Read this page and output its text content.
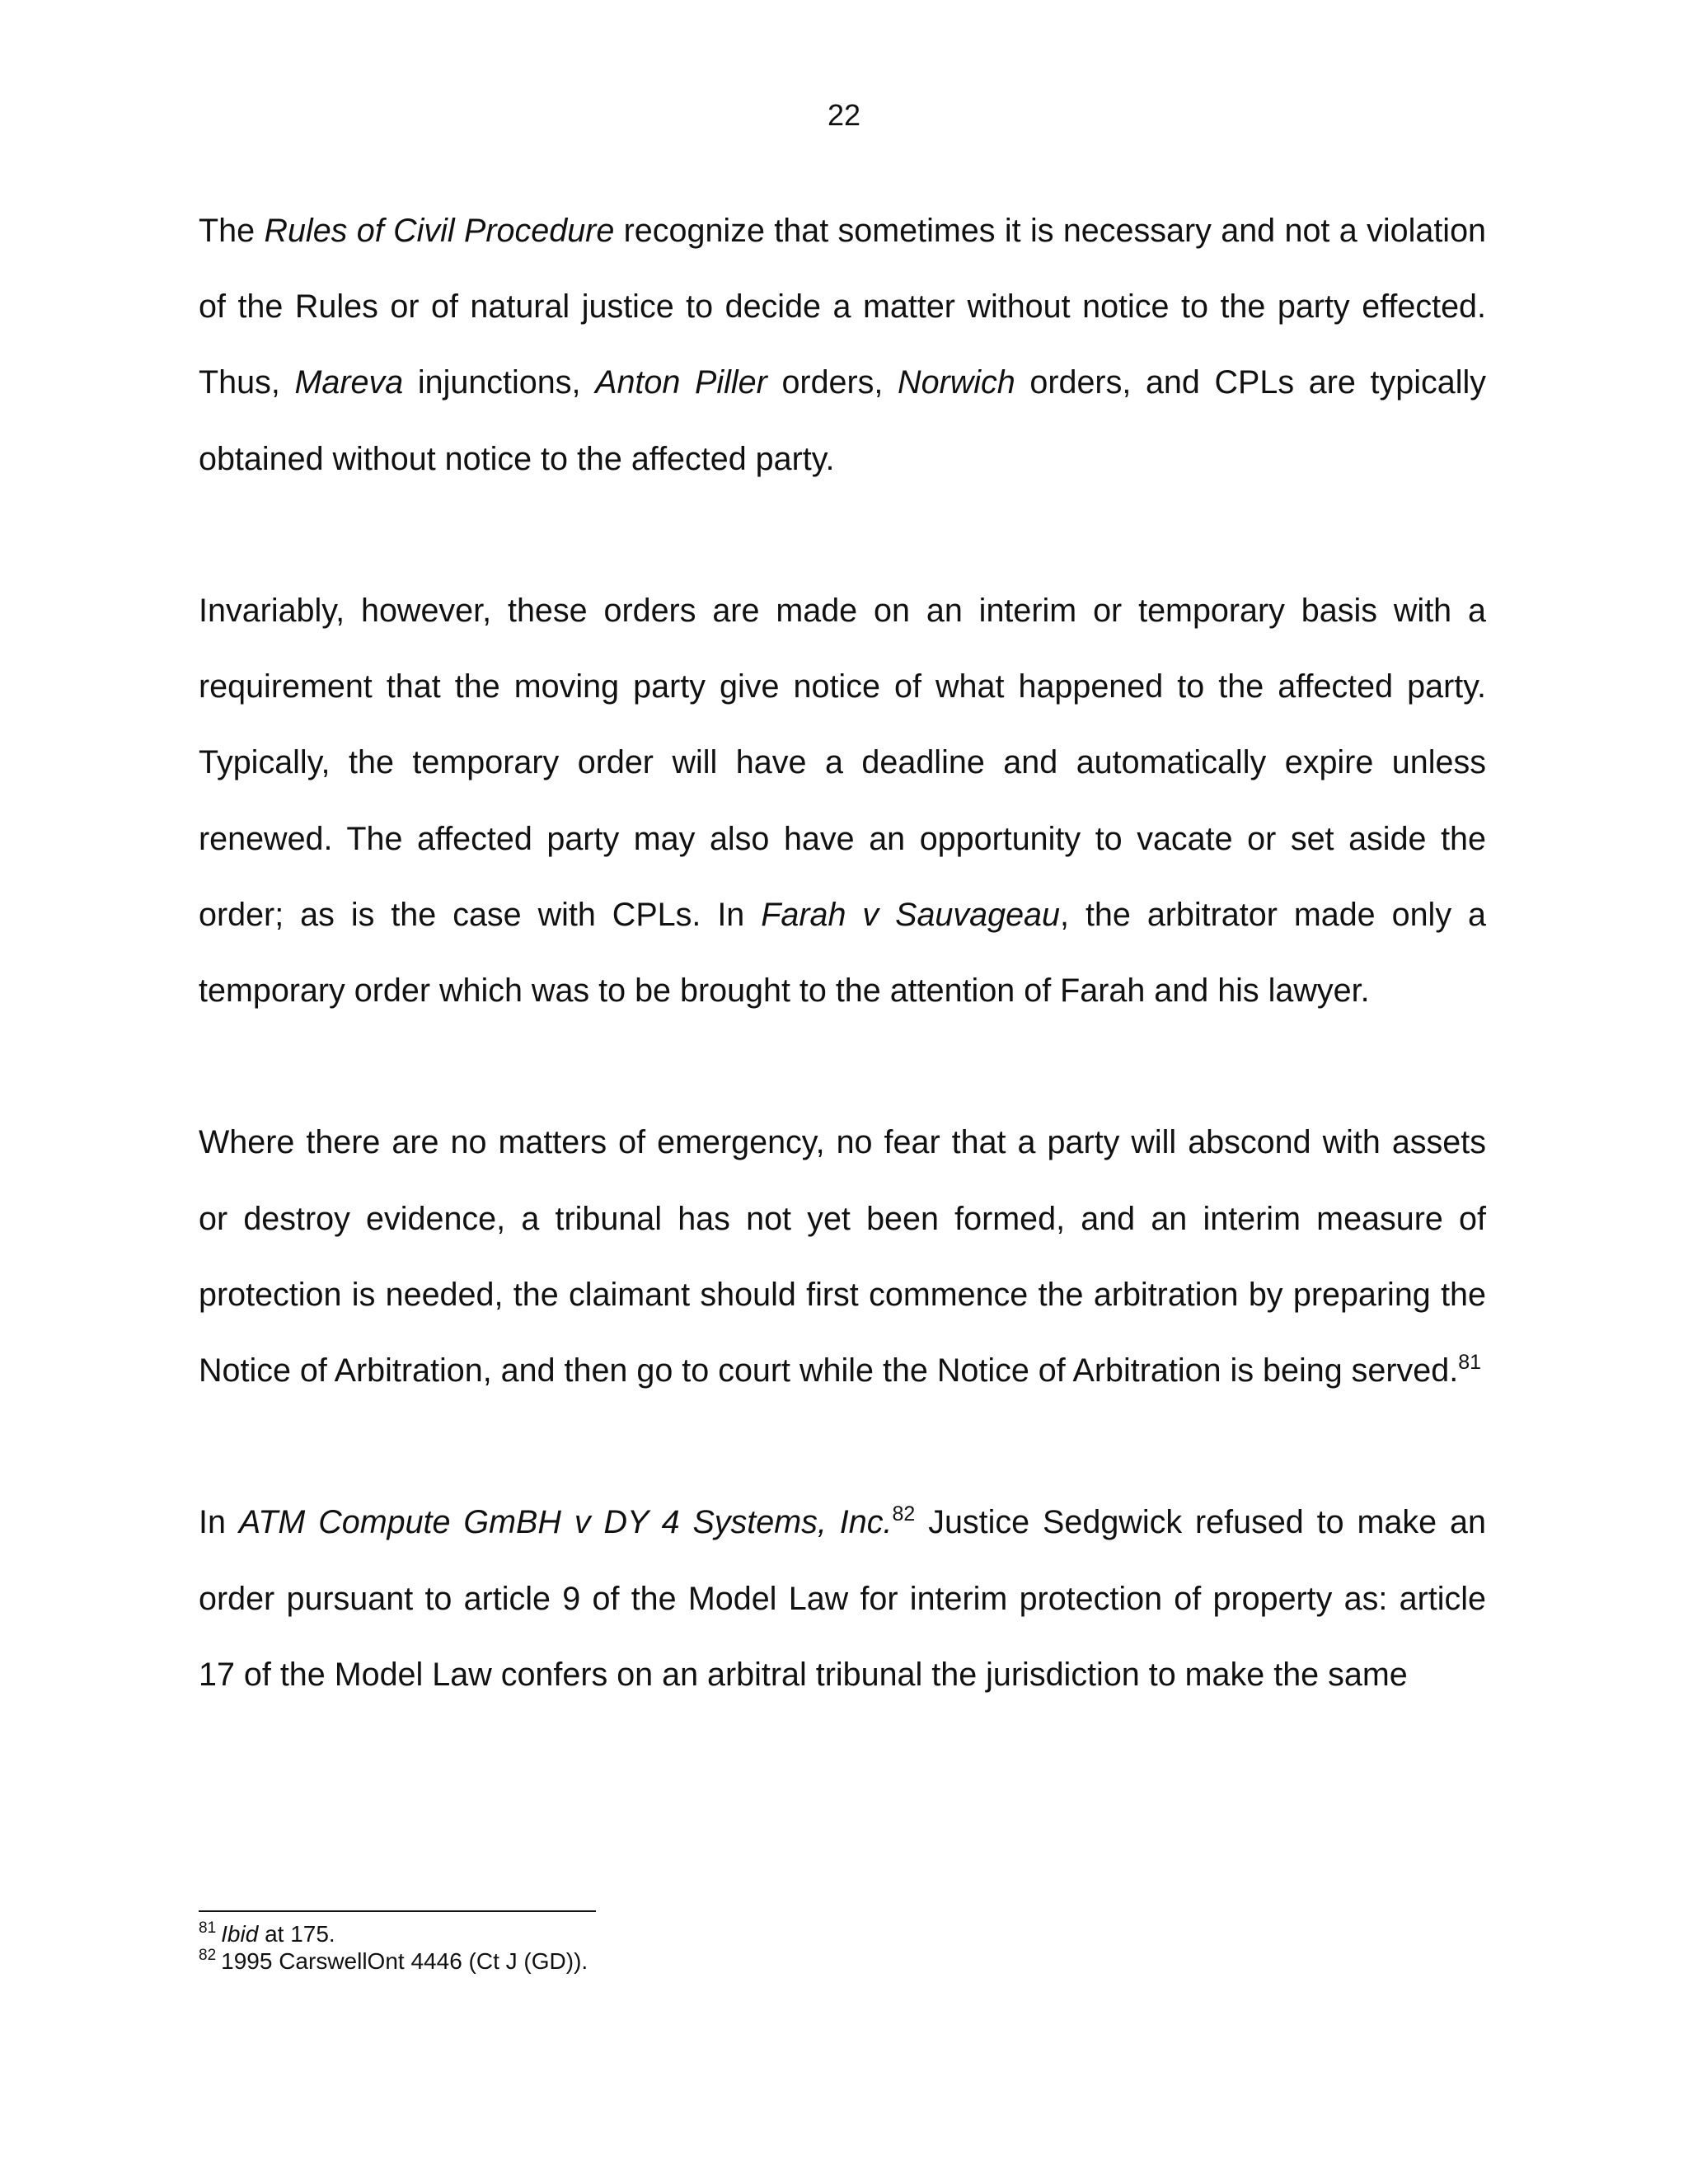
22

The Rules of Civil Procedure recognize that sometimes it is necessary and not a violation of the Rules or of natural justice to decide a matter without notice to the party effected. Thus, Mareva injunctions, Anton Piller orders, Norwich orders, and CPLs are typically obtained without notice to the affected party.

Invariably, however, these orders are made on an interim or temporary basis with a requirement that the moving party give notice of what happened to the affected party. Typically, the temporary order will have a deadline and automatically expire unless renewed. The affected party may also have an opportunity to vacate or set aside the order; as is the case with CPLs. In Farah v Sauvageau, the arbitrator made only a temporary order which was to be brought to the attention of Farah and his lawyer.

Where there are no matters of emergency, no fear that a party will abscond with assets or destroy evidence, a tribunal has not yet been formed, and an interim measure of protection is needed, the claimant should first commence the arbitration by preparing the Notice of Arbitration, and then go to court while the Notice of Arbitration is being served.$^{81}$

In ATM Compute GmBH v DY 4 Systems, Inc.$^{82}$ Justice Sedgwick refused to make an order pursuant to article 9 of the Model Law for interim protection of property as: article 17 of the Model Law confers on an arbitral tribunal the jurisdiction to make the same

$^{81}$ Ibid at 175.
$^{82}$ 1995 CarswellOnt 4446 (Ct J (GD)).
